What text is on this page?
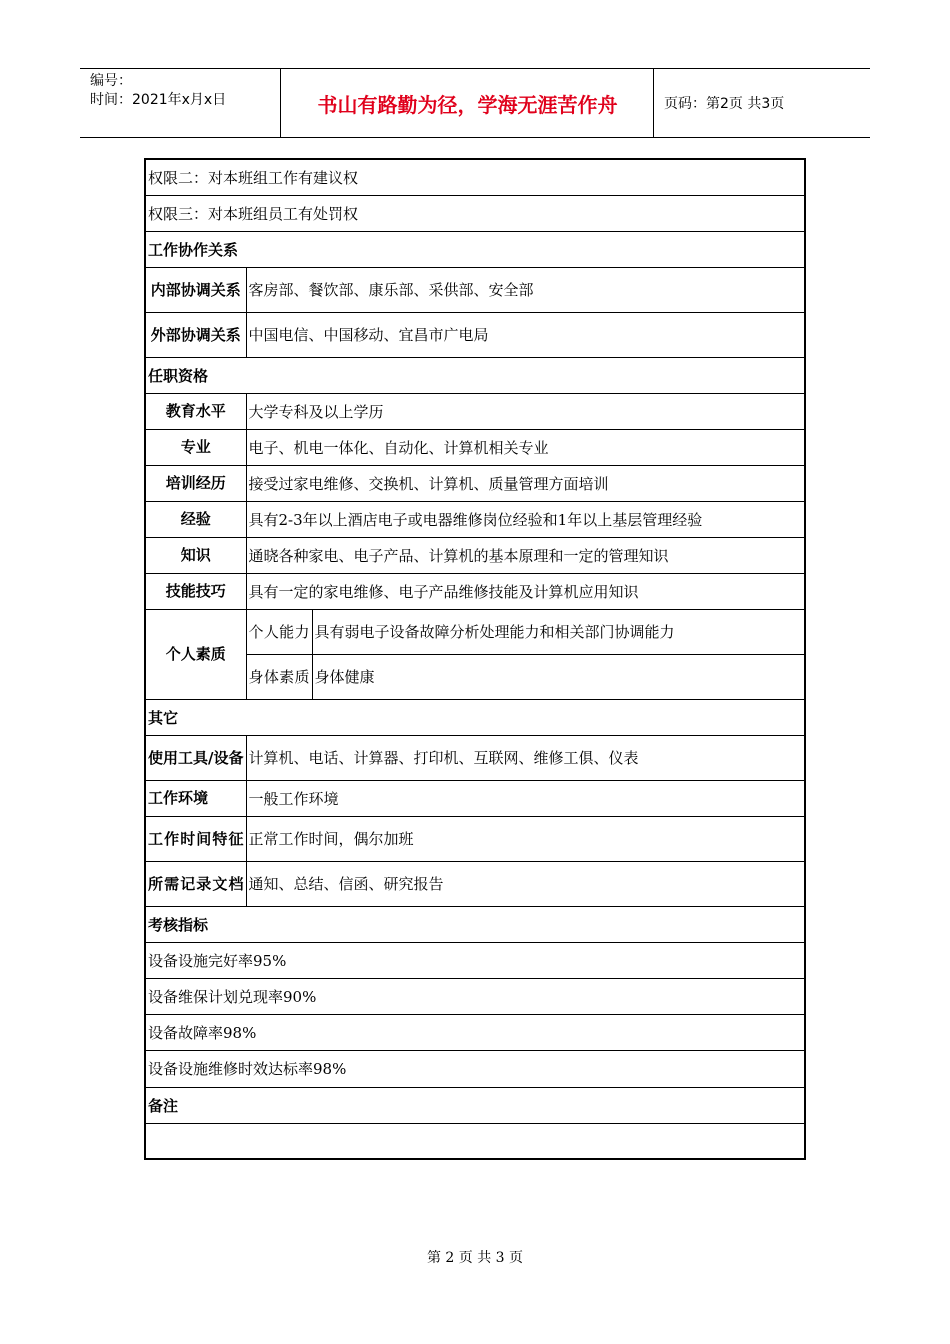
编号：
时间：2021年x月x日	书山有路勤为径，学海无涯苦作舟	页码：第2页 共3页
权限二：对本班组工作有建议权		
权限三：对本班组员工有处罚权		
工作协作关系		
内部协调关系	客房部、餐饮部、康乐部、采供部、安全部	
外部协调关系	中国电信、中国移动、宜昌市广电局	
任职资格		
教育水平	大学专科及以上学历	
专业	电子、机电一体化、自动化、计算机相关专业	
培训经历	接受过家电维修、交换机、计算机、质量管理方面培训	
经验	具有2-3年以上酒店电子或电器维修岗位经验和1年以上基层管理经验	
知识	通晓各种家电、电子产品、计算机的基本原理和一定的管理知识	
技能技巧	具有一定的家电维修、电子产品维修技能及计算机应用知识	
个人素质	个人能力	具有弱电子设备故障分析处理能力和相关部门协调能力
	身体素质	身体健康
其它		
使用工具/设备	计算机、电话、计算器、打印机、互联网、维修工俱、仪表	
工作环境	一般工作环境	
工作时间特征	正常工作时间，偶尔加班	
所需记录文档	通知、总结、信函、研究报告	
考核指标		
设备设施完好率95%		
设备维保计划兑现率90%		
设备故障率98%		
设备设施维修时效达标率98%		
备注		

第 2 页 共 3 页
